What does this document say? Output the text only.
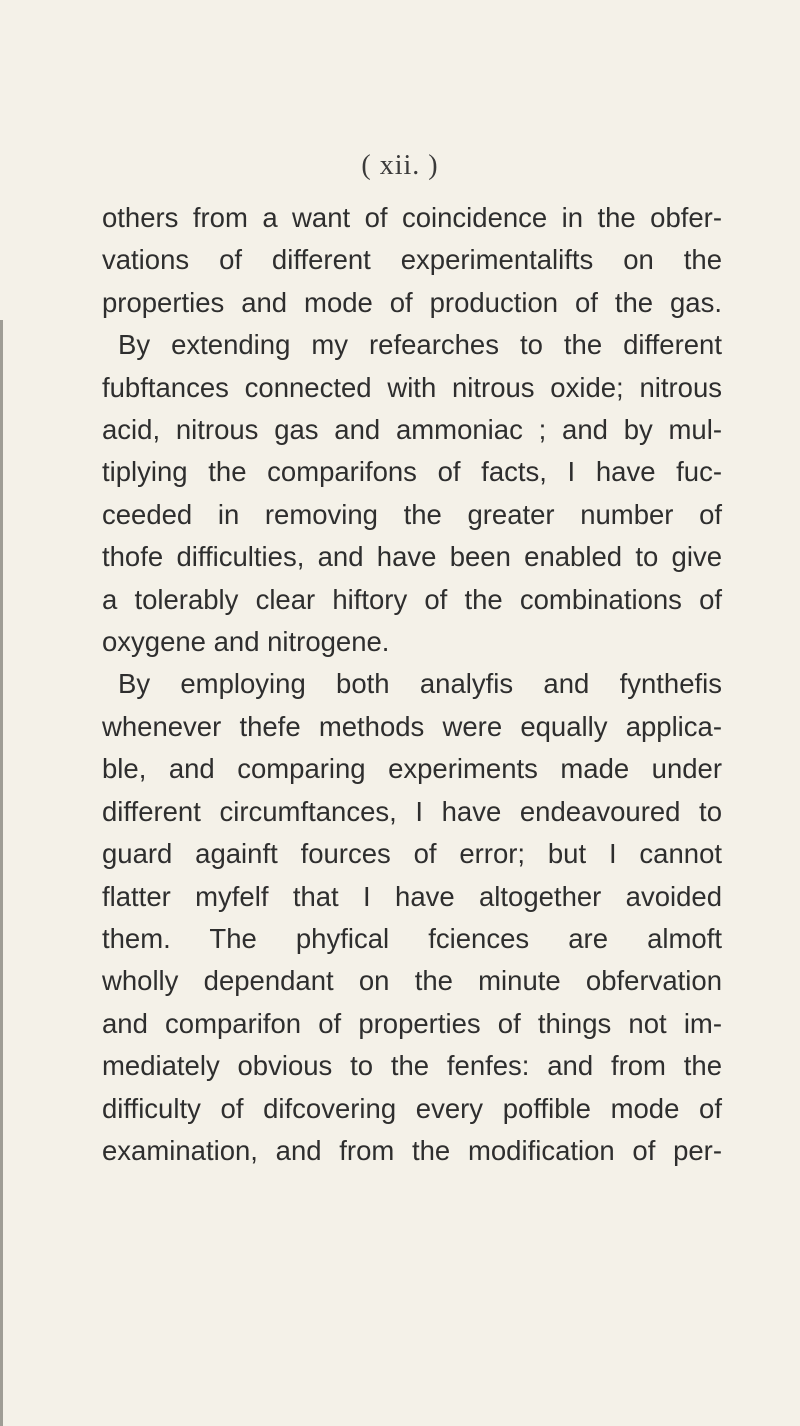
( xii. )
others from a want of coincidence in the obfer-
vations of different experimentalifts on the
properties and mode of production of the gas.
By extending my refearches to the different
fubftances connected with nitrous oxide; nitrous
acid, nitrous gas and ammoniac ; and by mul-
tiplying the comparifons of facts, I have fuc-
ceeded in removing the greater number of
thofe difficulties, and have been enabled to give
a tolerably clear hiftory of the combinations of
oxygene and nitrogene.
By employing both analyfis and fynthefis
whenever thefe methods were equally applica-
ble, and comparing experiments made under
different circumftances, I have endeavoured to
guard againft fources of error; but I cannot
flatter myfelf that I have altogether avoided
them. The phyfical fciences are almoft
wholly dependant on the minute obfervation
and comparifon of properties of things not im-
mediately obvious to the fenfes: and from the
difficulty of difcovering every poffible mode of
examination, and from the modification of per-
